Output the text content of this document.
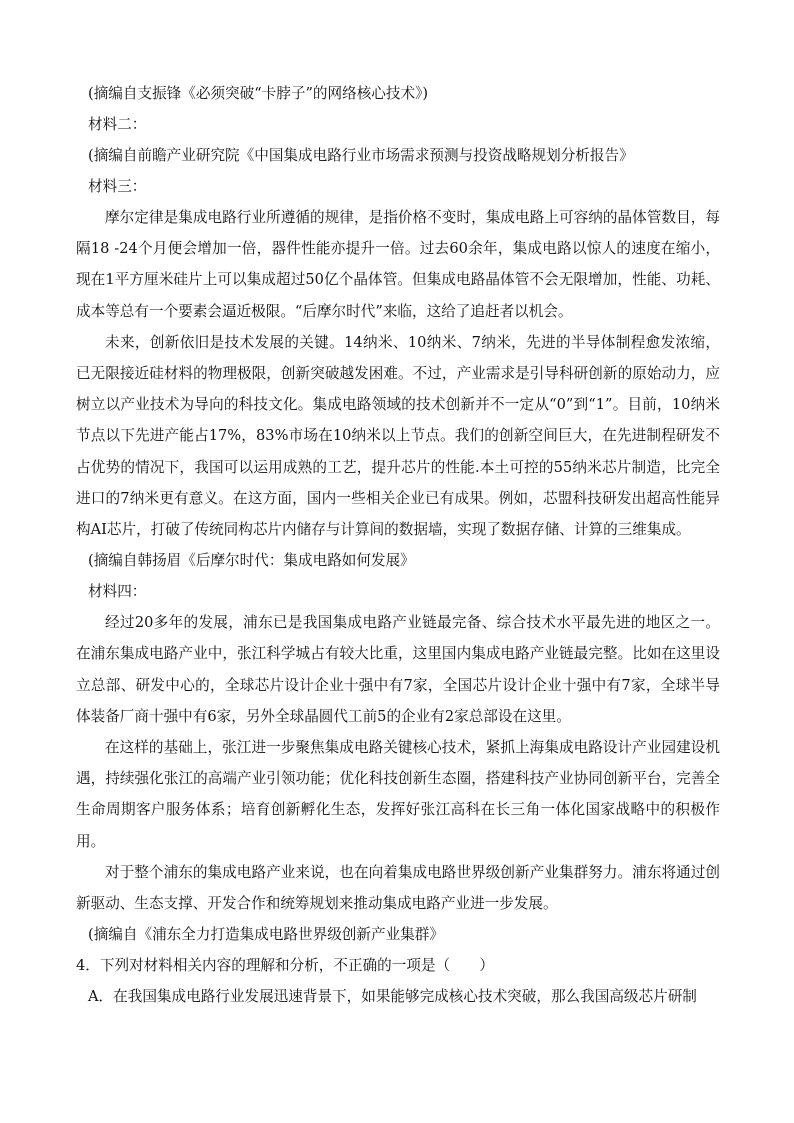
(摘编自支振锋《必须突破“卡脖子”的网络核心技术》)
材料二：
(摘编自前瞻产业研究院《中国集成电路行业市场需求预测与投资战略规划分析报告》
材料三：

摩尔定律是集成电路行业所遵循的规律，是指价格不变时，集成电路上可容纳的晶体管数目，每隔18 -24个月便会增加一倍，器件性能亦提升一倍。过去60余年，集成电路以惊人的速度在缩小，现在1平方厘米硅片上可以集成超过50亿个晶体管。但集成电路晶体管不会无限增加，性能、功耗、成本等总有一个要素会逼近极限。“后摩尔时代”来临，这给了追赶者以机会。

未来，创新依旧是技术发展的关键。14纳米、10纳米、7纳米，先进的半导体制程愈发浓缩，已无限接近硅材料的物理极限，创新突破越发困难。不过，产业需求是引导科研创新的原始动力，应树立以产业技术为导向的科技文化。集成电路领域的技术创新并不一定从“0”到“1”。目前，10纳米节点以下先进产能占17%，83%市场在10纳米以上节点。我们的创新空间巨大，在先进制程研发不占优势的情况下，我国可以运用成熟的工艺，提升芯片的性能.本土可控的55纳米芯片制造，比完全进口的7纳米更有意义。在这方面，国内一些相关企业已有成果。例如，芯盟科技研发出超高性能异构AI芯片，打破了传统同构芯片内储存与计算间的数据墙，实现了数据存储、计算的三维集成。

(摘编自韩扬眉《后摩尔时代：集成电路如何发展》
材料四：

经过20多年的发展，浦东已是我国集成电路产业链最完备、综合技术水平最先进的地区之一。在浦东集成电路产业中，张江科学城占有较大比重，这里国内集成电路产业链最完整。比如在这里设立总部、研发中心的，全球芯片设计企业十强中有7家，全国芯片设计企业十强中有7家，全球半导体装备厂商十强中有6家，另外全球晶圆代工前5的企业有2家总部设在这里。

在这样的基础上，张江进一步聚焦集成电路关键核心技术，紧抓上海集成电路设计产业园建设机遇，持续强化张江的高端产业引领功能；优化科技创新生态圈，搭建科技产业协同创新平台，完善全生命周期客户服务体系；培育创新孵化生态，发挥好张江高科在长三角一体化国家战略中的积极作用。

对于整个浦东的集成电路产业来说，也在向着集成电路世界级创新产业集群努力。浦东将通过创新驱动、生态支撑、开发合作和统筹规划来推动集成电路产业进一步发展。

(摘编自《浦东全力打造集成电路世界级创新产业集群》
4．下列对材料相关内容的理解和分析，不正确的一项是（　　）
A．在我国集成电路行业发展迅速背景下，如果能够完成核心技术突破，那么我国高级芯片研制
